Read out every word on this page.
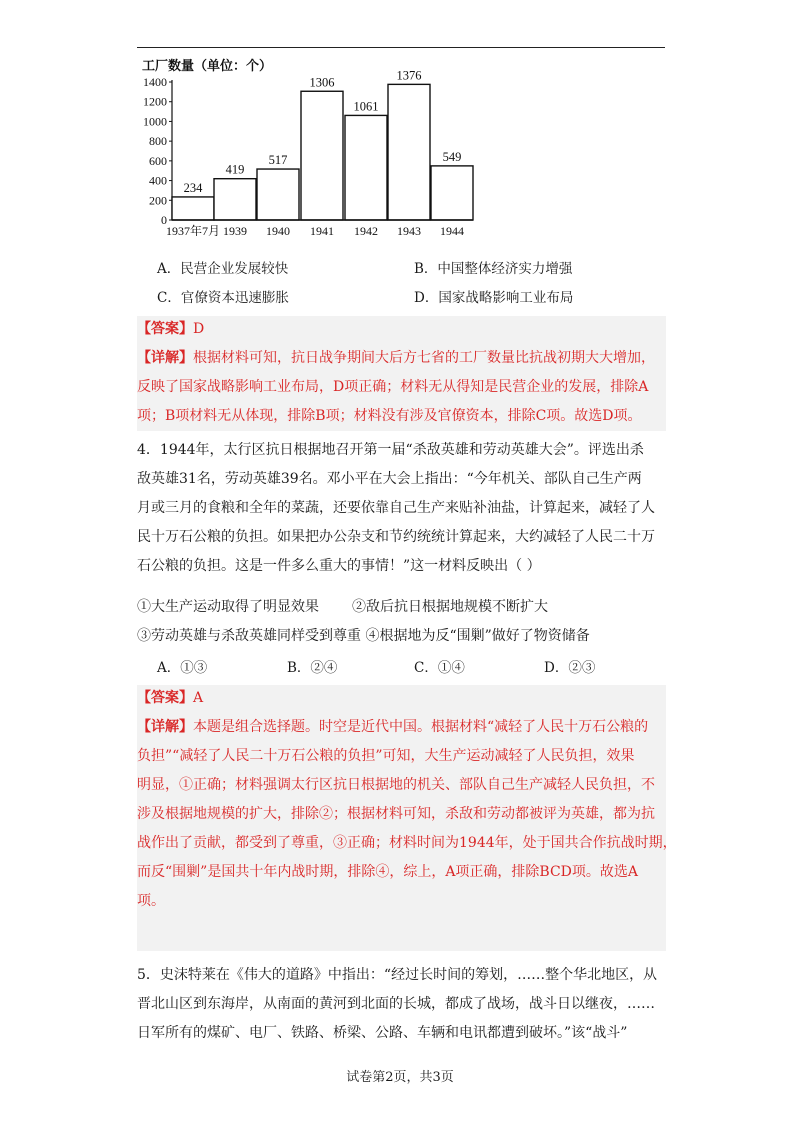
工厂数量（单位：个）
0
200
400
600
800
1000
1200
1400
234
419
517
1306
1061
1376
549
1937年7月 1939 1940 1941 1942 1943 1944
A．民营企业发展较快	B．中国整体经济实力增强
C．官僚资本迅速膨胀	D．国家战略影响工业布局
【答案】D
【详解】根据材料可知，抗日战争期间大后方七省的工厂数量比抗战初期大大增加，
反映了国家战略影响工业布局，D项正确；材料无从得知是民营企业的发展，排除A
项；B项材料无从体现，排除B项；材料没有涉及官僚资本，排除C项。故选D项。
4．1944年，太行区抗日根据地召开第一届“杀敌英雄和劳动英雄大会”。评选出杀
敌英雄31名，劳动英雄39名。邓小平在大会上指出：“今年机关、部队自己生产两
月或三月的食粮和全年的菜蔬，还要依靠自己生产来贴补油盐，计算起来，减轻了人
民十万石公粮的负担。如果把办公杂支和节约统统计算起来，大约减轻了人民二十万
石公粮的负担。这是一件多么重大的事情！”这一材料反映出（ ）
①大生产运动取得了明显效果 ②敌后抗日根据地规模不断扩大
③劳动英雄与杀敌英雄同样受到尊重 ④根据地为反“围剿”做好了物资储备
A．①③	B．②④	C．①④	D．②③
【答案】A
【详解】本题是组合选择题。时空是近代中国。根据材料“减轻了人民十万石公粮的
负担”“减轻了人民二十万石公粮的负担”可知，大生产运动减轻了人民负担，效果
明显，①正确；材料强调太行区抗日根据地的机关、部队自己生产减轻人民负担，不
涉及根据地规模的扩大，排除②；根据材料可知，杀敌和劳动都被评为英雄，都为抗
战作出了贡献，都受到了尊重，③正确；材料时间为1944年，处于国共合作抗战时期，
而反“围剿”是国共十年内战时期，排除④，综上，A项正确，排除BCD项。故选A
项。
5．史沫特莱在《伟大的道路》中指出：“经过长时间的筹划，……整个华北地区，从
晋北山区到东海岸，从南面的黄河到北面的长城，都成了战场，战斗日以继夜，……
日军所有的煤矿、电厂、铁路、桥梁、公路、车辆和电讯都遭到破坏。”该“战斗”
试卷第2页，共3页
